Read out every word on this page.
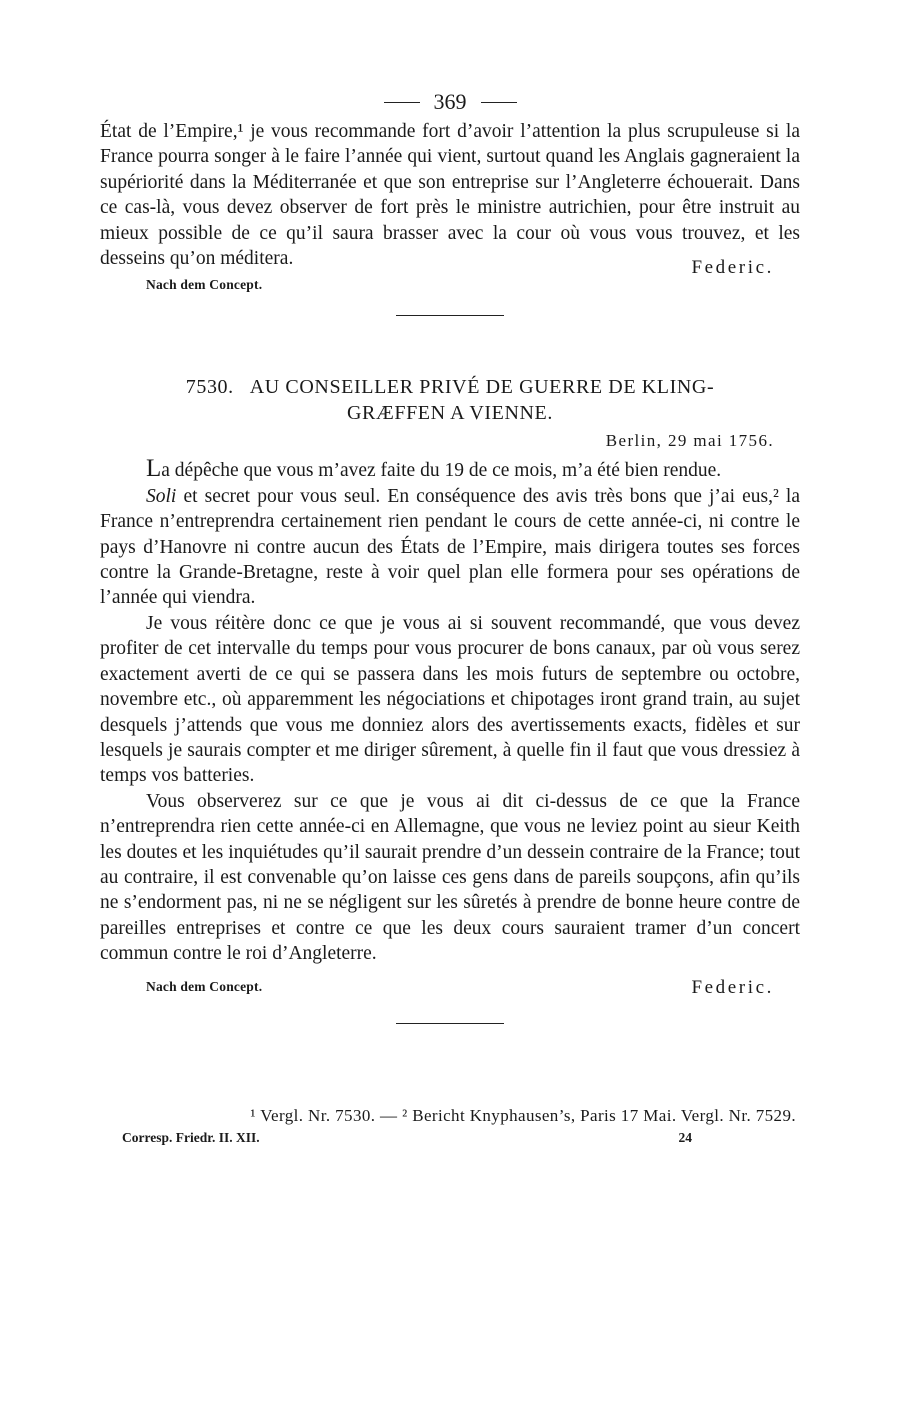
369

État de l’Empire,¹ je vous recommande fort d’avoir l’attention la plus scrupuleuse si la France pourra songer à le faire l’année qui vient, surtout quand les Anglais gagneraient la supériorité dans la Méditerranée et que son entreprise sur l’Angleterre échouerait. Dans ce cas-là, vous devez observer de fort près le ministre autrichien, pour être instruit au mieux possible de ce qu’il saura brasser avec la cour où vous vous trouvez, et les desseins qu’on méditera.

Nach dem Concept.
Federic.

7530. AU CONSEILLER PRIVÉ DE GUERRE DE KLING-
GRÆFFEN A VIENNE.

Berlin, 29 mai 1756.

La dépêche que vous m’avez faite du 19 de ce mois, m’a été bien rendue.

Soli et secret pour vous seul. En conséquence des avis très bons que j’ai eus,² la France n’entreprendra certainement rien pendant le cours de cette année-ci, ni contre le pays d’Hanovre ni contre aucun des États de l’Empire, mais dirigera toutes ses forces contre la Grande-Bretagne, reste à voir quel plan elle formera pour ses opérations de l’année qui viendra.

Je vous réitère donc ce que je vous ai si souvent recommandé, que vous devez profiter de cet intervalle du temps pour vous procurer de bons canaux, par où vous serez exactement averti de ce qui se passera dans les mois futurs de septembre ou octobre, novembre etc., où apparemment les négociations et chipotages iront grand train, au sujet desquels j’attends que vous me donniez alors des avertissements exacts, fidèles et sur lesquels je saurais compter et me diriger sûrement, à quelle fin il faut que vous dressiez à temps vos batteries.

Vous observerez sur ce que je vous ai dit ci-dessus de ce que la France n’entreprendra rien cette année-ci en Allemagne, que vous ne leviez point au sieur Keith les doutes et les inquiétudes qu’il saurait prendre d’un dessein contraire de la France; tout au contraire, il est convenable qu’on laisse ces gens dans de pareils soupçons, afin qu’ils ne s’endorment pas, ni ne se négligent sur les sûretés à prendre de bonne heure contre de pareilles entreprises et contre ce que les deux cours sauraient tramer d’un concert commun contre le roi d’Angleterre.

Nach dem Concept.	Federic.
¹ Vergl. Nr. 7530. — ² Bericht Knyphausen’s, Paris 17 Mai. Vergl. Nr. 7529.
Corresp. Friedr. II. XII.	24
